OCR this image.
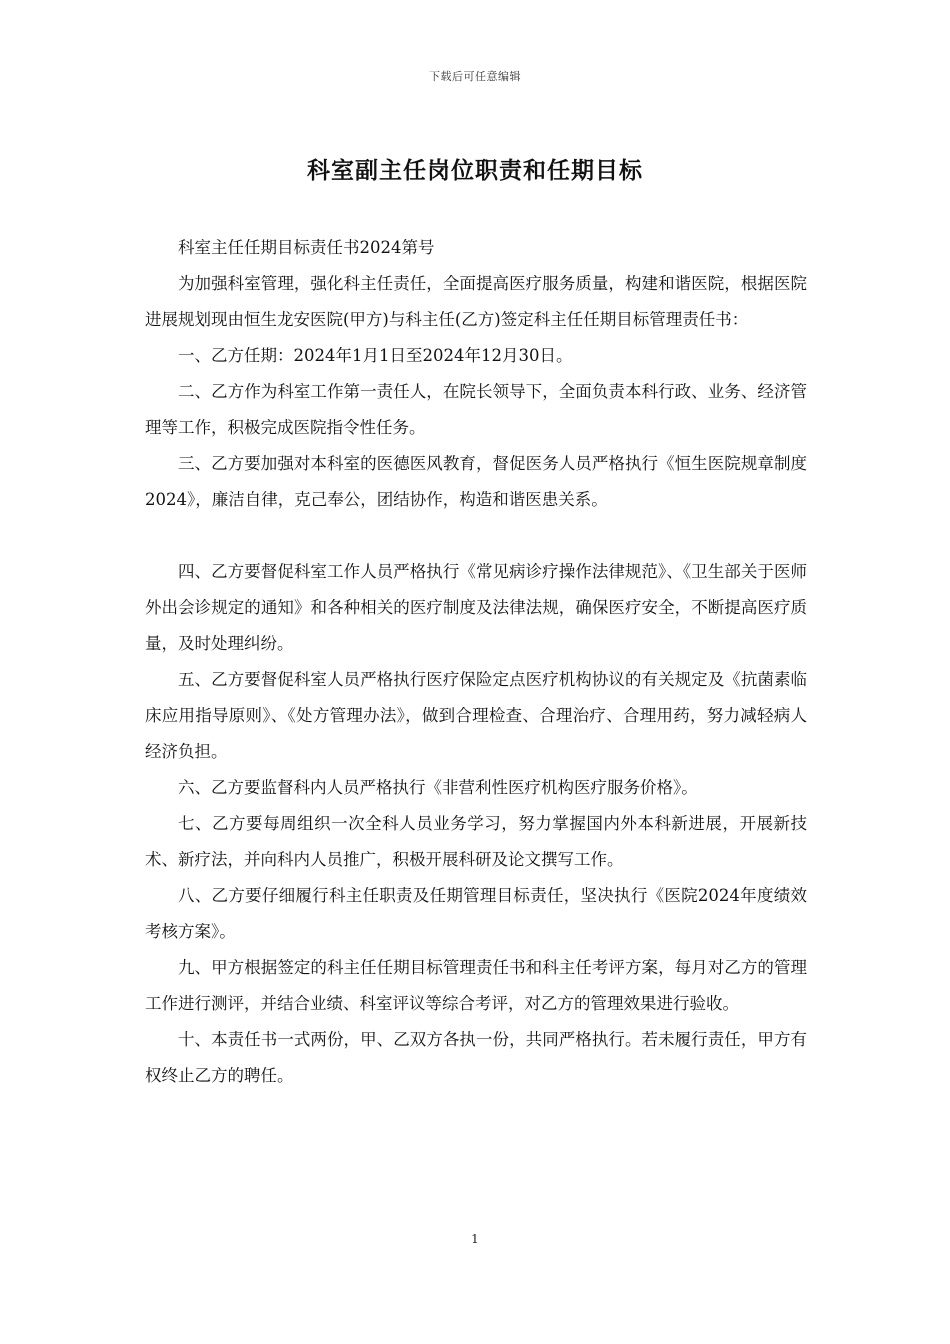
下载后可任意编辑
科室副主任岗位职责和任期目标

科室主任任期目标责任书2024第号

为加强科室管理，强化科主任责任，全面提高医疗服务质量，构建和谐医院，根据医院进展规划现由恒生龙安医院(甲方)与科主任(乙方)签定科主任任期目标管理责任书：

一、乙方任期：2024年1月1日至2024年12月30日。

二、乙方作为科室工作第一责任人，在院长领导下，全面负责本科行政、业务、经济管理等工作，积极完成医院指令性任务。

三、乙方要加强对本科室的医德医风教育，督促医务人员严格执行《恒生医院规章制度2024》，廉洁自律，克己奉公，团结协作，构造和谐医患关系。

四、乙方要督促科室工作人员严格执行《常见病诊疗操作法律规范》、《卫生部关于医师外出会诊规定的通知》和各种相关的医疗制度及法律法规，确保医疗安全，不断提高医疗质量，及时处理纠纷。

五、乙方要督促科室人员严格执行医疗保险定点医疗机构协议的有关规定及《抗菌素临床应用指导原则》、《处方管理办法》，做到合理检查、合理治疗、合理用药，努力减轻病人经济负担。

六、乙方要监督科内人员严格执行《非营利性医疗机构医疗服务价格》。

七、乙方要每周组织一次全科人员业务学习，努力掌握国内外本科新进展，开展新技术、新疗法，并向科内人员推广，积极开展科研及论文撰写工作。

八、乙方要仔细履行科主任职责及任期管理目标责任，坚决执行《医院2024年度绩效考核方案》。

九、甲方根据签定的科主任任期目标管理责任书和科主任考评方案，每月对乙方的管理工作进行测评，并结合业绩、科室评议等综合考评，对乙方的管理效果进行验收。

十、本责任书一式两份，甲、乙双方各执一份，共同严格执行。若未履行责任，甲方有权终止乙方的聘任。

1
